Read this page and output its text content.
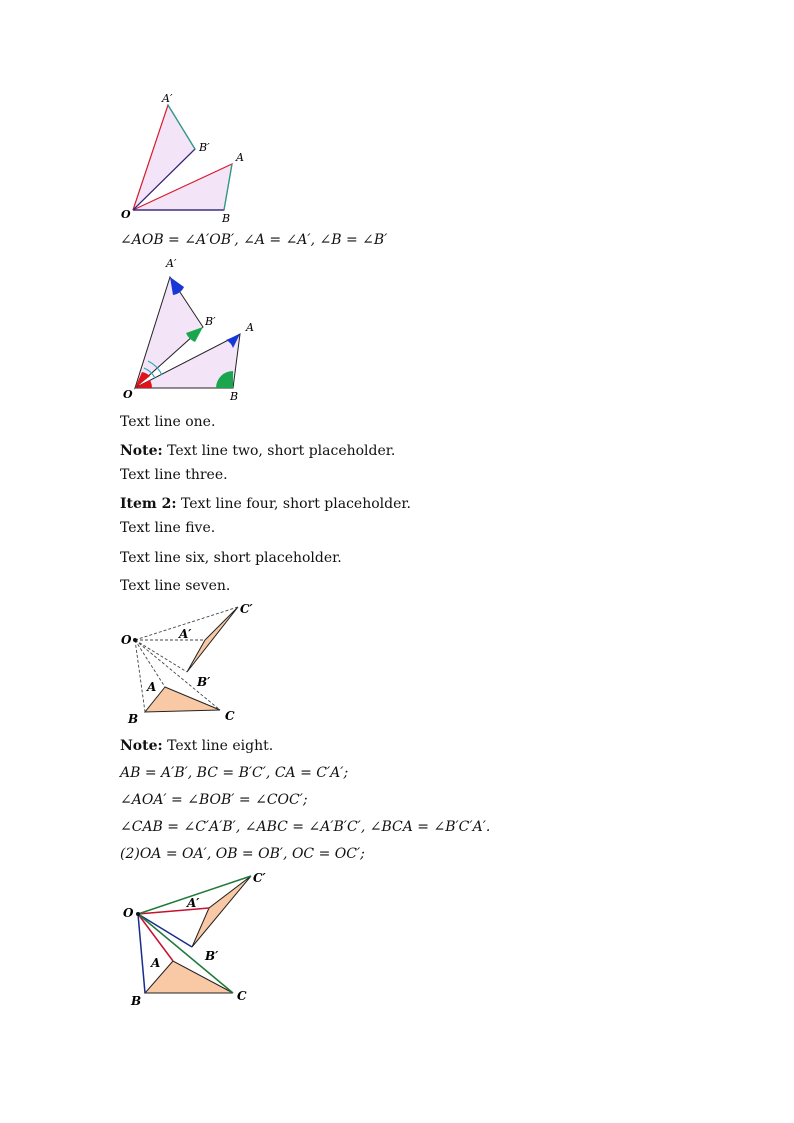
O
A
B
A′
B′
∠AOB = ∠A′OB′, ∠A = ∠A′, ∠B = ∠B′
O
A
B
A′
B′
Text line one.
Note: Text line two, short placeholder.
Text line three.
Item 2: Text line four, short placeholder.
Text line five.
Text line six, short placeholder.
Text line seven.
O
A
B	C
A′
B′
C′
Note: Text line eight.
AB = A′B′, BC = B′C′, CA = C′A′;
∠AOA′ = ∠BOB′ = ∠COC′;
∠CAB = ∠C′A′B′, ∠ABC = ∠A′B′C′, ∠BCA = ∠B′C′A′.
(2)OA = OA′, OB = OB′, OC = OC′;
O
A
B	C
A′
B′
C′
